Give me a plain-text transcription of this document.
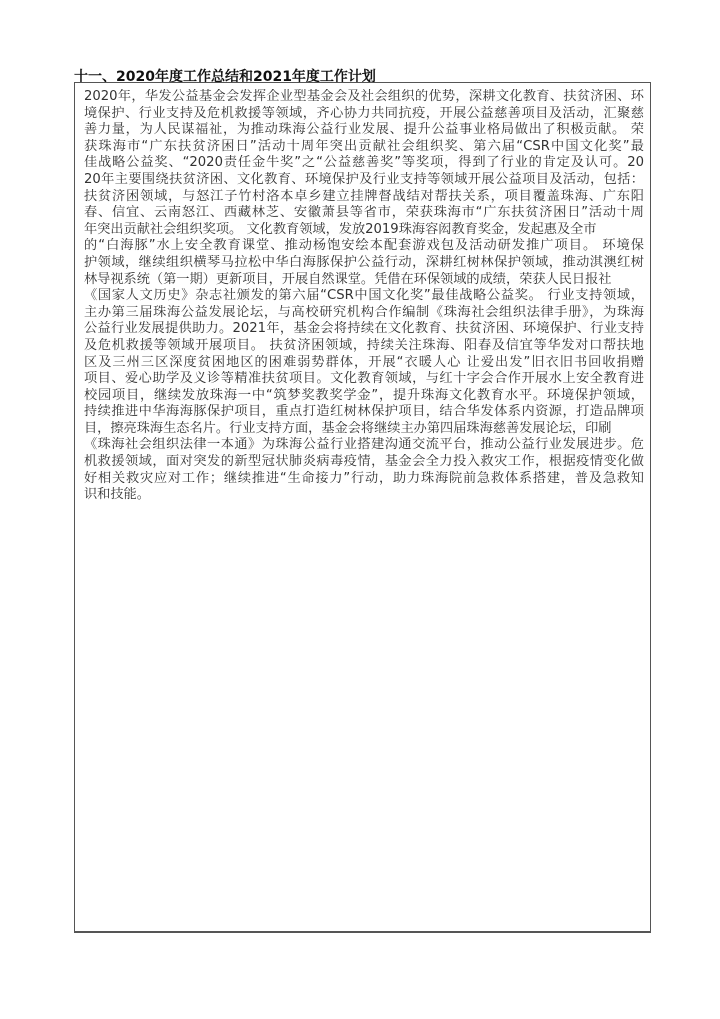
十一、2020年度工作总结和2021年度工作计划
2020年，华发公益基金会发挥企业型基金会及社会组织的优势，深耕文化教育、扶贫济困、环
境保护、行业支持及危机救援等领域，齐心协力共同抗疫，开展公益慈善项目及活动，汇聚慈
善力量，为人民谋福祉，为推动珠海公益行业发展、提升公益事业格局做出了积极贡献。 荣
获珠海市“广东扶贫济困日”活动十周年突出贡献社会组织奖、第六届“CSR中国文化奖”最
佳战略公益奖、“2020责任金牛奖”之“公益慈善奖”等奖项，得到了行业的肯定及认可。20
20年主要围绕扶贫济困、文化教育、环境保护及行业支持等领域开展公益项目及活动，包括：
扶贫济困领域，与怒江子竹村洛本卓乡建立挂牌督战结对帮扶关系，项目覆盖珠海、广东阳
春、信宜、云南怒江、西藏林芝、安徽萧县等省市，荣获珠海市“广东扶贫济困日”活动十周
年突出贡献社会组织奖项。 文化教育领域，发放2019珠海容闳教育奖金，发起惠及全市
的“白海豚”水上安全教育课堂、推动杨饱安绘本配套游戏包及活动研发推广项目。 环境保
护领域，继续组织横琴马拉松中华白海豚保护公益行动，深耕红树林保护领域，推动淇澳红树
林导视系统（第一期）更新项目，开展自然课堂。凭借在环保领域的成绩，荣获人民日报社
《国家人文历史》杂志社颁发的第六届“CSR中国文化奖”最佳战略公益奖。 行业支持领域，
主办第三届珠海公益发展论坛，与高校研究机构合作编制《珠海社会组织法律手册》，为珠海
公益行业发展提供助力。2021年，基金会将持续在文化教育、扶贫济困、环境保护、行业支持
及危机救援等领域开展项目。 扶贫济困领域，持续关注珠海、阳春及信宜等华发对口帮扶地
区及三州三区深度贫困地区的困难弱势群体，开展“衣暖人心 让爱出发”旧衣旧书回收捐赠
项目、爱心助学及义诊等精准扶贫项目。文化教育领域，与红十字会合作开展水上安全教育进
校园项目，继续发放珠海一中“筑梦奖教奖学金”，提升珠海文化教育水平。环境保护领域，
持续推进中华海海豚保护项目，重点打造红树林保护项目，结合华发体系内资源，打造品牌项
目，擦亮珠海生态名片。行业支持方面，基金会将继续主办第四届珠海慈善发展论坛，印刷
《珠海社会组织法律一本通》为珠海公益行业搭建沟通交流平台，推动公益行业发展进步。危
机救援领域，面对突发的新型冠状肺炎病毒疫情，基金会全力投入救灾工作，根据疫情变化做
好相关救灾应对工作；继续推进“生命接力”行动，助力珠海院前急救体系搭建，普及急救知
识和技能。
